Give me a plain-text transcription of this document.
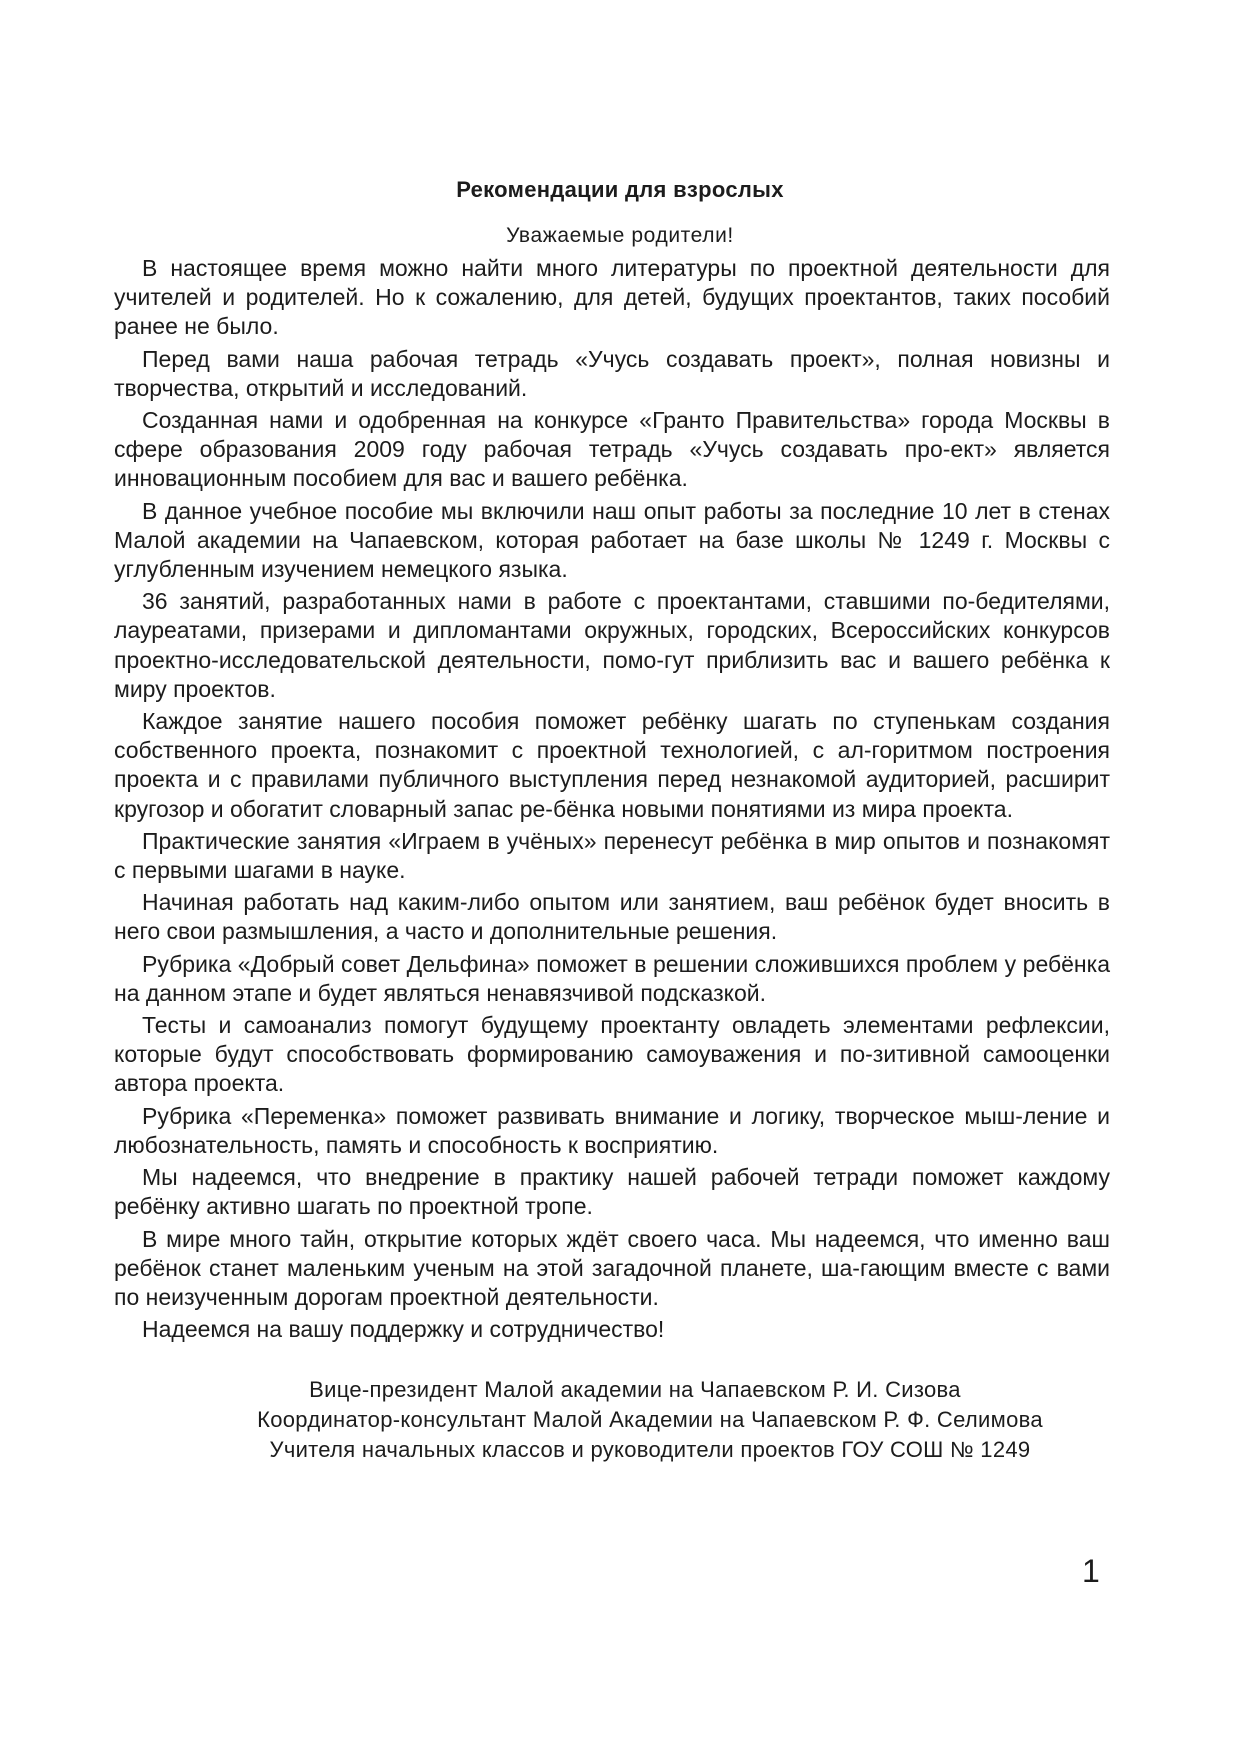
Рекомендации для взрослых
Уважаемые родители!

В настоящее время можно найти много литературы по проектной деятельности для учителей и родителей. Но к сожалению, для детей, будущих проектантов, таких пособий ранее не было.

Перед вами наша рабочая тетрадь «Учусь создавать проект», полная новизны и творчества, открытий и исследований.

Созданная нами и одобренная на конкурсе «Гранто Правительства» города Москвы в сфере образования 2009 году рабочая тетрадь «Учусь создавать про-ект» является инновационным пособием для вас и вашего ребёнка.

В данное учебное пособие мы включили наш опыт работы за последние 10 лет в стенах Малой академии на Чапаевском, которая работает на базе школы № 1249 г. Москвы с углубленным изучением немецкого языка.

36 занятий, разработанных нами в работе с проектантами, ставшими по-бедителями, лауреатами, призерами и дипломантами окружных, городских, Всероссийских конкурсов проектно-исследовательской деятельности, помо-гут приблизить вас и вашего ребёнка к миру проектов.

Каждое занятие нашего пособия поможет ребёнку шагать по ступенькам создания собственного проекта, познакомит с проектной технологией, с ал-горитмом построения проекта и с правилами публичного выступления перед незнакомой аудиторией, расширит кругозор и обогатит словарный запас ре-бёнка новыми понятиями из мира проекта.

Практические занятия «Играем в учёных» перенесут ребёнка в мир опытов и познакомят с первыми шагами в науке.

Начиная работать над каким-либо опытом или занятием, ваш ребёнок будет вносить в него свои размышления, а часто и дополнительные решения.

Рубрика «Добрый совет Дельфина» поможет в решении сложившихся проблем у ребёнка на данном этапе и будет являться ненавязчивой подсказкой.

Тесты и самоанализ помогут будущему проектанту овладеть элементами рефлексии, которые будут способствовать формированию самоуважения и по-зитивной самооценки автора проекта.

Рубрика «Переменка» поможет развивать внимание и логику, творческое мыш-ление и любознательность, память и способность к восприятию.

Мы надеемся, что внедрение в практику нашей рабочей тетради поможет каждому ребёнку активно шагать по проектной тропе.

В мире много тайн, открытие которых ждёт своего часа. Мы надеемся, что именно ваш ребёнок станет маленьким ученым на этой загадочной планете, ша-гающим вместе с вами по неизученным дорогам проектной деятельности.

Надеемся на вашу поддержку и сотрудничество!

Вице-президент Малой академии на Чапаевском Р. И. Сизова
Координатор-консультант Малой Академии на Чапаевском Р. Ф. Селимова
Учителя начальных классов и руководители проектов ГОУ СОШ № 1249
1
